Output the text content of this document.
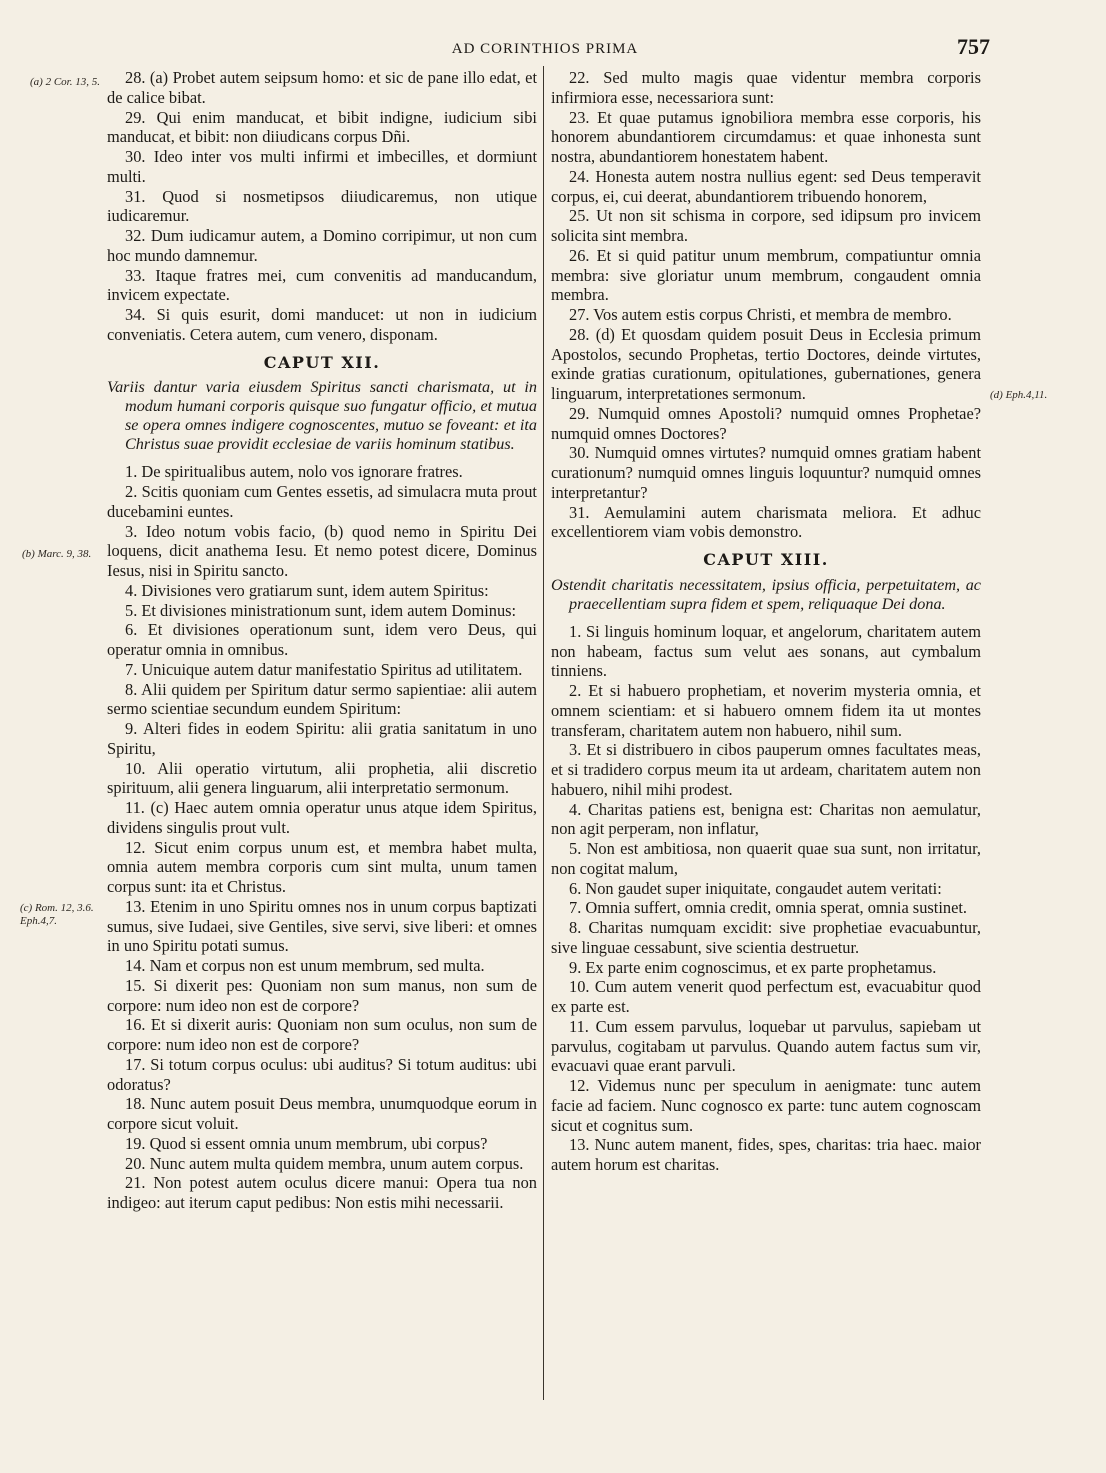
AD CORINTHIOS PRIMA	757
(a) 2 Cor. 13, 5.
(b) Marc. 9, 38.
(c) Rom. 12, 3.6. Eph.4,7.
(d) Eph.4,11.

28. (a) Probet autem seipsum homo: et sic de pane illo edat, et de calice bibat.

29. Qui enim manducat, et bibit indigne, iudicium sibi manducat, et bibit: non diiudicans corpus Dñi.

30. Ideo inter vos multi infirmi et imbecilles, et dormiunt multi.

31. Quod si nosmetipsos diiudicaremus, non utique iudicaremur.

32. Dum iudicamur autem, a Domino corripimur, ut non cum hoc mundo damnemur.

33. Itaque fratres mei, cum convenitis ad manducandum, invicem expectate.

34. Si quis esurit, domi manducet: ut non in iudicium conveniatis. Cetera autem, cum venero, disponam.

CAPUT XII.

Variis dantur varia eiusdem Spiritus sancti charismata, ut in modum humani corporis quisque suo fungatur officio, et mutua se opera omnes indigere cognoscentes, mutuo se foveant: et ita Christus suae providit ecclesiae de variis hominum statibus.

1. De spiritualibus autem, nolo vos ignorare fratres.

2. Scitis quoniam cum Gentes essetis, ad simulacra muta prout ducebamini euntes.

3. Ideo notum vobis facio, (b) quod nemo in Spiritu Dei loquens, dicit anathema Iesu. Et nemo potest dicere, Dominus Iesus, nisi in Spiritu sancto.

4. Divisiones vero gratiarum sunt, idem autem Spiritus:

5. Et divisiones ministrationum sunt, idem autem Dominus:

6. Et divisiones operationum sunt, idem vero Deus, qui operatur omnia in omnibus.

7. Unicuique autem datur manifestatio Spiritus ad utilitatem.

8. Alii quidem per Spiritum datur sermo sapientiae: alii autem sermo scientiae secundum eundem Spiritum:

9. Alteri fides in eodem Spiritu: alii gratia sanitatum in uno Spiritu,

10. Alii operatio virtutum, alii prophetia, alii discretio spirituum, alii genera linguarum, alii interpretatio sermonum.

11. (c) Haec autem omnia operatur unus atque idem Spiritus, dividens singulis prout vult.

12. Sicut enim corpus unum est, et membra habet multa, omnia autem membra corporis cum sint multa, unum tamen corpus sunt: ita et Christus.

13. Etenim in uno Spiritu omnes nos in unum corpus baptizati sumus, sive Iudaei, sive Gentiles, sive servi, sive liberi: et omnes in uno Spiritu potati sumus.

14. Nam et corpus non est unum membrum, sed multa.

15. Si dixerit pes: Quoniam non sum manus, non sum de corpore: num ideo non est de corpore?

16. Et si dixerit auris: Quoniam non sum oculus, non sum de corpore: num ideo non est de corpore?

17. Si totum corpus oculus: ubi auditus? Si totum auditus: ubi odoratus?

18. Nunc autem posuit Deus membra, unumquodque eorum in corpore sicut voluit.

19. Quod si essent omnia unum membrum, ubi corpus?

20. Nunc autem multa quidem membra, unum autem corpus.

21. Non potest autem oculus dicere manui: Opera tua non indigeo: aut iterum caput pedibus: Non estis mihi necessarii.

22. Sed multo magis quae videntur membra corporis infirmiora esse, necessariora sunt:

23. Et quae putamus ignobiliora membra esse corporis, his honorem abundantiorem circumdamus: et quae inhonesta sunt nostra, abundantiorem honestatem habent.

24. Honesta autem nostra nullius egent: sed Deus temperavit corpus, ei, cui deerat, abundantiorem tribuendo honorem,

25. Ut non sit schisma in corpore, sed idipsum pro invicem solicita sint membra.

26. Et si quid patitur unum membrum, compatiuntur omnia membra: sive gloriatur unum membrum, congaudent omnia membra.

27. Vos autem estis corpus Christi, et membra de membro.

28. (d) Et quosdam quidem posuit Deus in Ecclesia primum Apostolos, secundo Prophetas, tertio Doctores, deinde virtutes, exinde gratias curationum, opitulationes, gubernationes, genera linguarum, interpretationes sermonum.

29. Numquid omnes Apostoli? numquid omnes Prophetae? numquid omnes Doctores?

30. Numquid omnes virtutes? numquid omnes gratiam habent curationum? numquid omnes linguis loquuntur? numquid omnes interpretantur?

31. Aemulamini autem charismata meliora. Et adhuc excellentiorem viam vobis demonstro.

CAPUT XIII.

Ostendit charitatis necessitatem, ipsius officia, perpetuitatem, ac praecellentiam supra fidem et spem, reliquaque Dei dona.

1. Si linguis hominum loquar, et angelorum, charitatem autem non habeam, factus sum velut aes sonans, aut cymbalum tinniens.

2. Et si habuero prophetiam, et noverim mysteria omnia, et omnem scientiam: et si habuero omnem fidem ita ut montes transferam, charitatem autem non habuero, nihil sum.

3. Et si distribuero in cibos pauperum omnes facultates meas, et si tradidero corpus meum ita ut ardeam, charitatem autem non habuero, nihil mihi prodest.

4. Charitas patiens est, benigna est: Charitas non aemulatur, non agit perperam, non inflatur,

5. Non est ambitiosa, non quaerit quae sua sunt, non irritatur, non cogitat malum,

6. Non gaudet super iniquitate, congaudet autem veritati:

7. Omnia suffert, omnia credit, omnia sperat, omnia sustinet.

8. Charitas numquam excidit: sive prophetiae evacuabuntur, sive linguae cessabunt, sive scientia destruetur.

9. Ex parte enim cognoscimus, et ex parte prophetamus.

10. Cum autem venerit quod perfectum est, evacuabitur quod ex parte est.

11. Cum essem parvulus, loquebar ut parvulus, sapiebam ut parvulus, cogitabam ut parvulus. Quando autem factus sum vir, evacuavi quae erant parvuli.

12. Videmus nunc per speculum in aenigmate: tunc autem facie ad faciem. Nunc cognosco ex parte: tunc autem cognoscam sicut et cognitus sum.

13. Nunc autem manent, fides, spes, charitas: tria haec. maior autem horum est charitas.
